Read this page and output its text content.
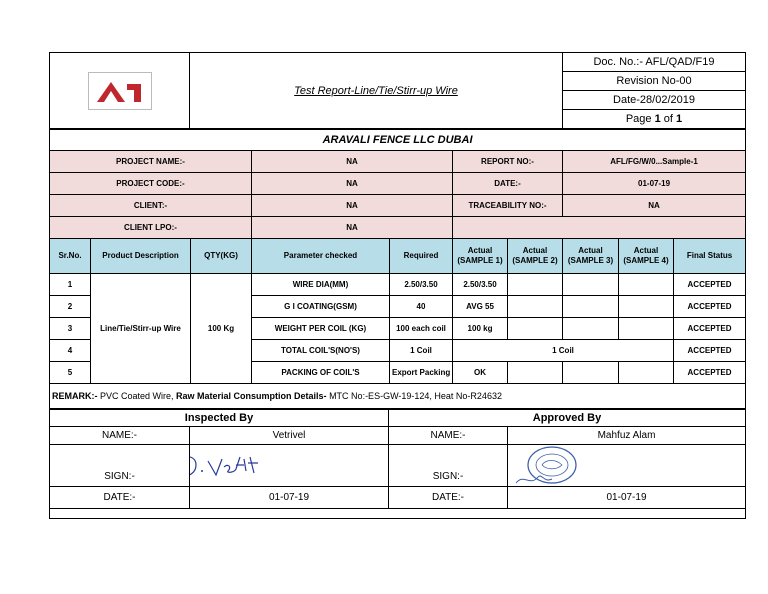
	Test Report-Line/Tie/Stirr-up Wire	Doc. No.:- AFL/QAD/F19
Revision No-00
Date-28/02/2019
Page 1 of 1
ARAVALI FENCE LLC DUBAI									
PROJECT NAME:-			NA		REPORT NO:-		AFL/FG/W/0...Sample-1		
PROJECT CODE:-			NA		DATE:-		01-07-19		
CLIENT:-			NA		TRACEABILITY NO:-		NA		
CLIENT LPO:-			NA						
Sr.No.	Product Description	QTY(KG)	Parameter checked	Required	Actual (SAMPLE 1)	Actual (SAMPLE 2)	Actual (SAMPLE 3)	Actual (SAMPLE 4)	Final Status
1	Line/Tie/Stirr-up Wire	100 Kg	WIRE DIA(MM)	2.50/3.50	2.50/3.50				ACCEPTED
2			G I COATING(GSM)	40	AVG 55				ACCEPTED
3			WEIGHT PER COIL (KG)	100 each coil	100 kg				ACCEPTED
4			TOTAL COIL'S(NO'S)	1 Coil	1 Coil				ACCEPTED
5			PACKING OF COIL'S	Export Packing	OK				ACCEPTED
REMARK:- PVC Coated Wire, Raw Material Consumption Details- MTC No:-ES-GW-19-124, Heat No-R24632									
Inspected By		Approved By	
NAME:-	Vetrivel	NAME:-	Mahfuz Alam
SIGN:-		SIGN:-	

DATE:-	01-07-19	DATE:-	01-07-19
